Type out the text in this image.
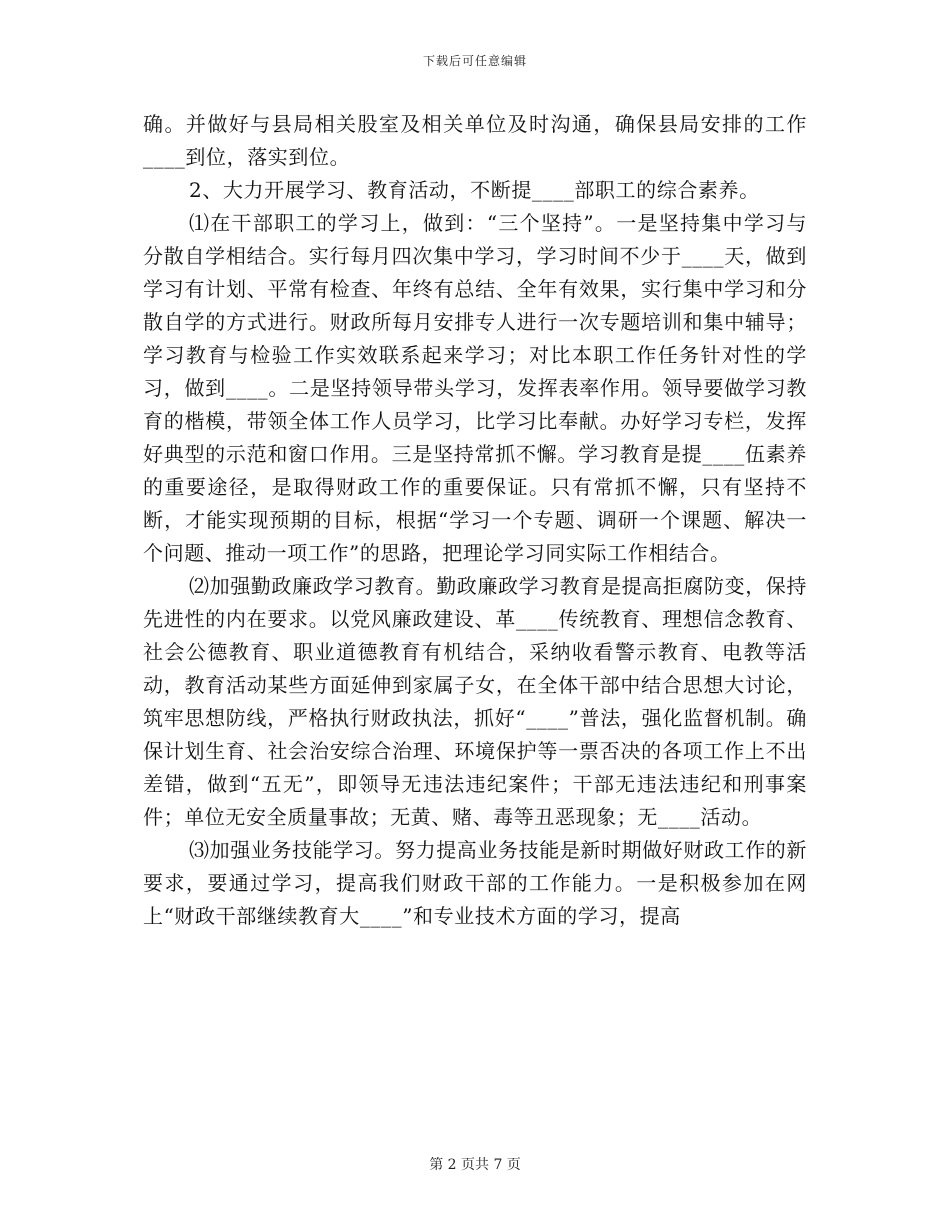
下载后可任意编辑

确。并做好与县局相关股室及相关单位及时沟通，确保县局安排的工作____到位，落实到位。

2、大力开展学习、教育活动，不断提____部职工的综合素养。

⑴在干部职工的学习上，做到：“三个坚持”。一是坚持集中学习与分散自学相结合。实行每月四次集中学习，学习时间不少于____天，做到学习有计划、平常有检查、年终有总结、全年有效果，实行集中学习和分散自学的方式进行。财政所每月安排专人进行一次专题培训和集中辅导；学习教育与检验工作实效联系起来学习；对比本职工作任务针对性的学习，做到____。二是坚持领导带头学习，发挥表率作用。领导要做学习教育的楷模，带领全体工作人员学习，比学习比奉献。办好学习专栏，发挥好典型的示范和窗口作用。三是坚持常抓不懈。学习教育是提____伍素养的重要途径，是取得财政工作的重要保证。只有常抓不懈，只有坚持不断，才能实现预期的目标，根据“学习一个专题、调研一个课题、解决一个问题、推动一项工作”的思路，把理论学习同实际工作相结合。

⑵加强勤政廉政学习教育。勤政廉政学习教育是提高拒腐防变，保持先进性的内在要求。以党风廉政建设、革____传统教育、理想信念教育、社会公德教育、职业道德教育有机结合，采纳收看警示教育、电教等活动，教育活动某些方面延伸到家属子女，在全体干部中结合思想大讨论，筑牢思想防线，严格执行财政执法，抓好“____”普法，强化监督机制。确保计划生育、社会治安综合治理、环境保护等一票否决的各项工作上不出差错，做到“五无”，即领导无违法违纪案件；干部无违法违纪和刑事案件；单位无安全质量事故；无黄、赌、毒等丑恶现象；无____活动。

⑶加强业务技能学习。努力提高业务技能是新时期做好财政工作的新要求，要通过学习，提高我们财政干部的工作能力。一是积极参加在网上“财政干部继续教育大____”和专业技术方面的学习，提高

第 2 页共 7 页
